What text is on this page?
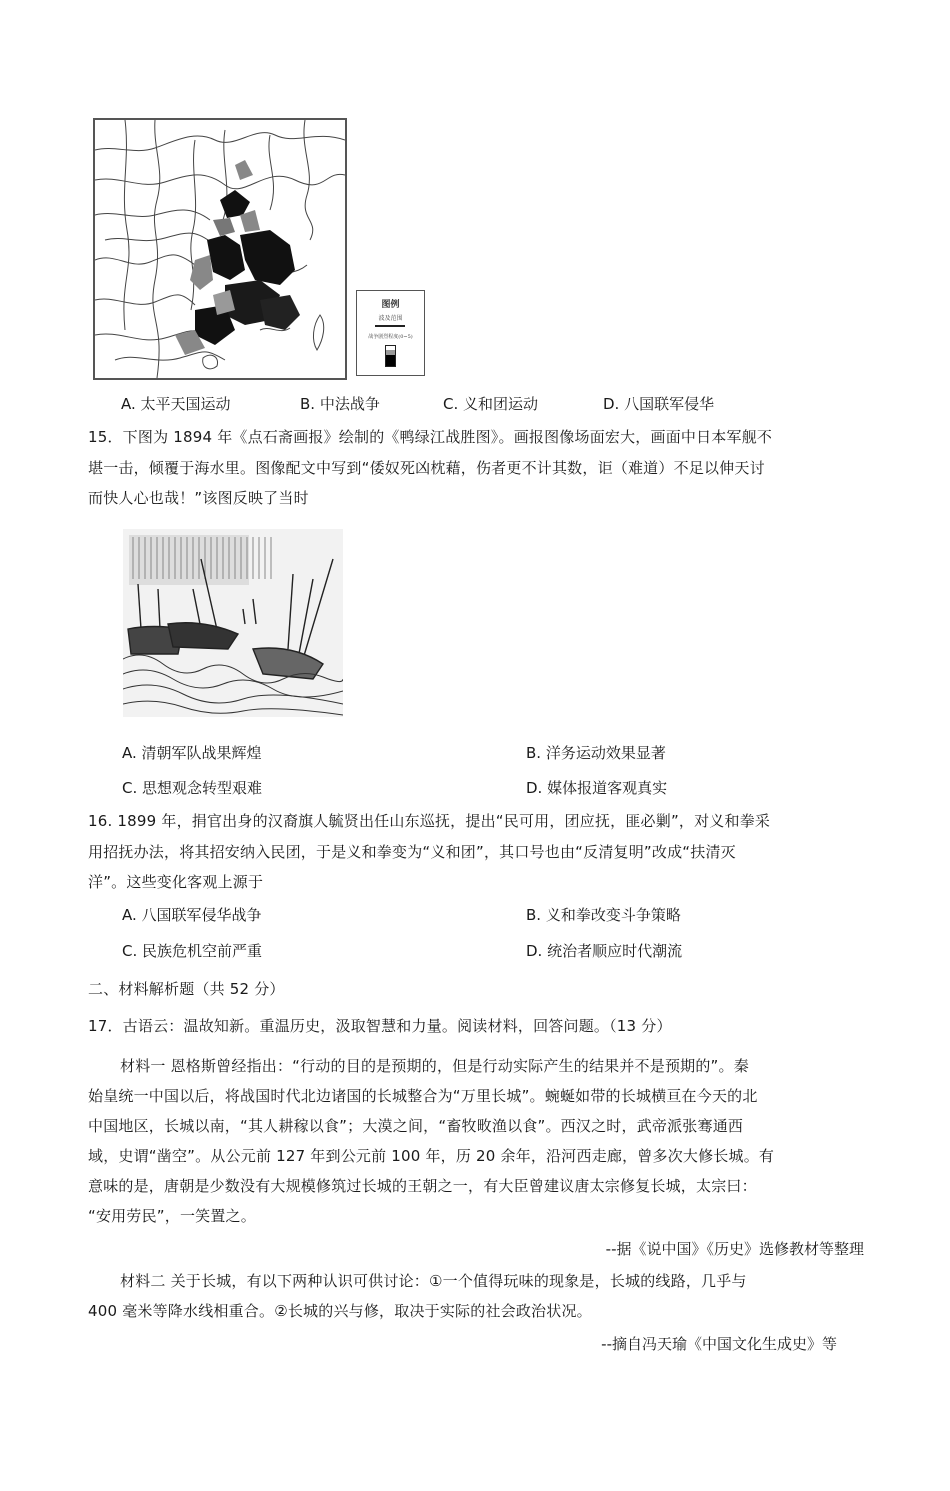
图例
波及范围
战争剧烈程度(0~5)
A. 太平天国运动	B. 中法战争	C. 义和团运动	D. 八国联军侵华
15．下图为 1894 年《点石斋画报》绘制的《鸭绿江战胜图》。画报图像场面宏大，画面中日本军舰不
堪一击，倾覆于海水里。图像配文中写到“倭奴死凶枕藉，伤者更不计其数，讵（难道）不足以伸天讨
而快人心也哉！”该图反映了当时
A. 清朝军队战果辉煌	B. 洋务运动效果显著
C. 思想观念转型艰难	D. 媒体报道客观真实
16. 1899 年，捐官出身的汉裔旗人毓贤出任山东巡抚，提出“民可用，团应抚，匪必剿”，对义和拳采
用招抚办法，将其招安纳入民团，于是义和拳变为“义和团”，其口号也由“反清复明”改成“扶清灭
洋”。这些变化客观上源于
A. 八国联军侵华战争	B. 义和拳改变斗争策略
C. 民族危机空前严重	D. 统治者顺应时代潮流
二、材料解析题（共 52 分）
17．古语云：温故知新。重温历史，汲取智慧和力量。阅读材料，回答问题。（13 分）
材料一 恩格斯曾经指出：“行动的目的是预期的，但是行动实际产生的结果并不是预期的”。秦
始皇统一中国以后，将战国时代北边诸国的长城整合为“万里长城”。蜿蜒如带的长城横亘在今天的北
中国地区，长城以南，“其人耕稼以食”；大漠之间，“畜牧畋渔以食”。西汉之时，武帝派张骞通西
域，史谓“凿空”。从公元前 127 年到公元前 100 年，历 20 余年，沿河西走廊，曾多次大修长城。有
意味的是，唐朝是少数没有大规模修筑过长城的王朝之一，有大臣曾建议唐太宗修复长城，太宗曰：
“安用劳民”，一笑置之。
--据《说中国》《历史》选修教材等整理
材料二 关于长城，有以下两种认识可供讨论：①一个值得玩味的现象是，长城的线路，几乎与
400 毫米等降水线相重合。②长城的兴与修，取决于实际的社会政治状况。
--摘自冯天瑜《中国文化生成史》等
